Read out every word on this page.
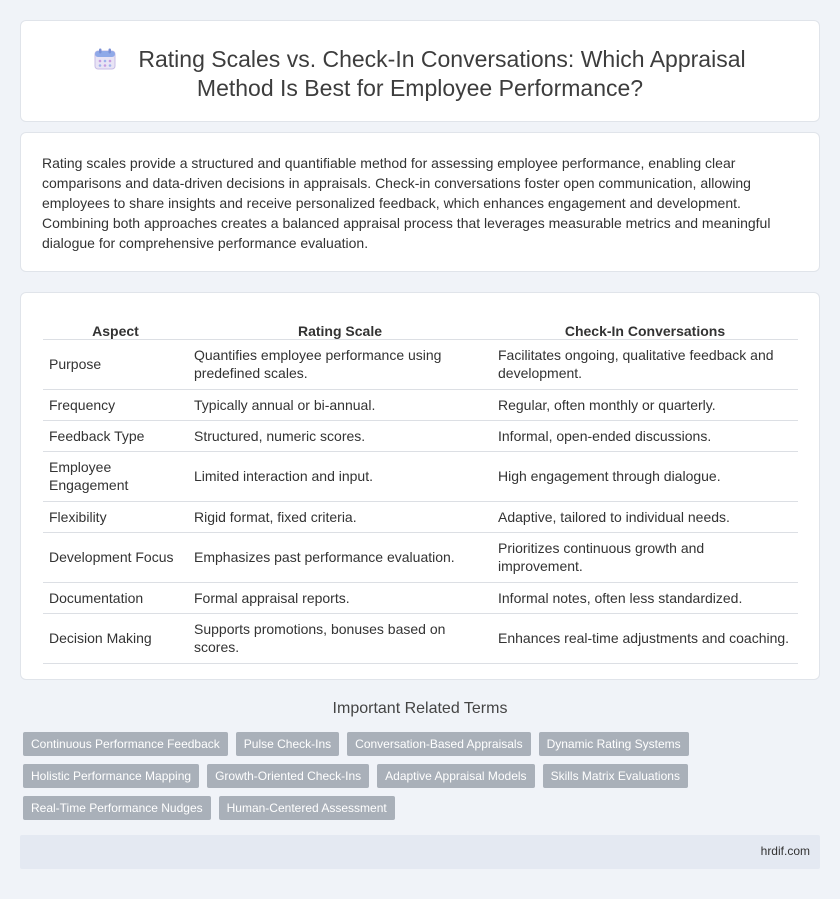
Rating Scales vs. Check-In Conversations: Which Appraisal Method Is Best for Employee Performance?

Rating scales provide a structured and quantifiable method for assessing employee performance, enabling clear comparisons and data-driven decisions in appraisals. Check-in conversations foster open communication, allowing employees to share insights and receive personalized feedback, which enhances engagement and development. Combining both approaches creates a balanced appraisal process that leverages measurable metrics and meaningful dialogue for comprehensive performance evaluation.

Aspect	Rating Scale	Check-In Conversations
Purpose	Quantifies employee performance using predefined scales.	Facilitates ongoing, qualitative feedback and development.
Frequency	Typically annual or bi-annual.	Regular, often monthly or quarterly.
Feedback Type	Structured, numeric scores.	Informal, open-ended discussions.
Employee Engagement	Limited interaction and input.	High engagement through dialogue.
Flexibility	Rigid format, fixed criteria.	Adaptive, tailored to individual needs.
Development Focus	Emphasizes past performance evaluation.	Prioritizes continuous growth and improvement.
Documentation	Formal appraisal reports.	Informal notes, often less standardized.
Decision Making	Supports promotions, bonuses based on scores.	Enhances real-time adjustments and coaching.
Important Related Terms
Continuous Performance Feedback	Pulse Check-Ins	Conversation-Based Appraisals	Dynamic Rating Systems
Holistic Performance Mapping	Growth-Oriented Check-Ins	Adaptive Appraisal Models	Skills Matrix Evaluations
Real-Time Performance Nudges	Human-Centered Assessment
hrdif.com
